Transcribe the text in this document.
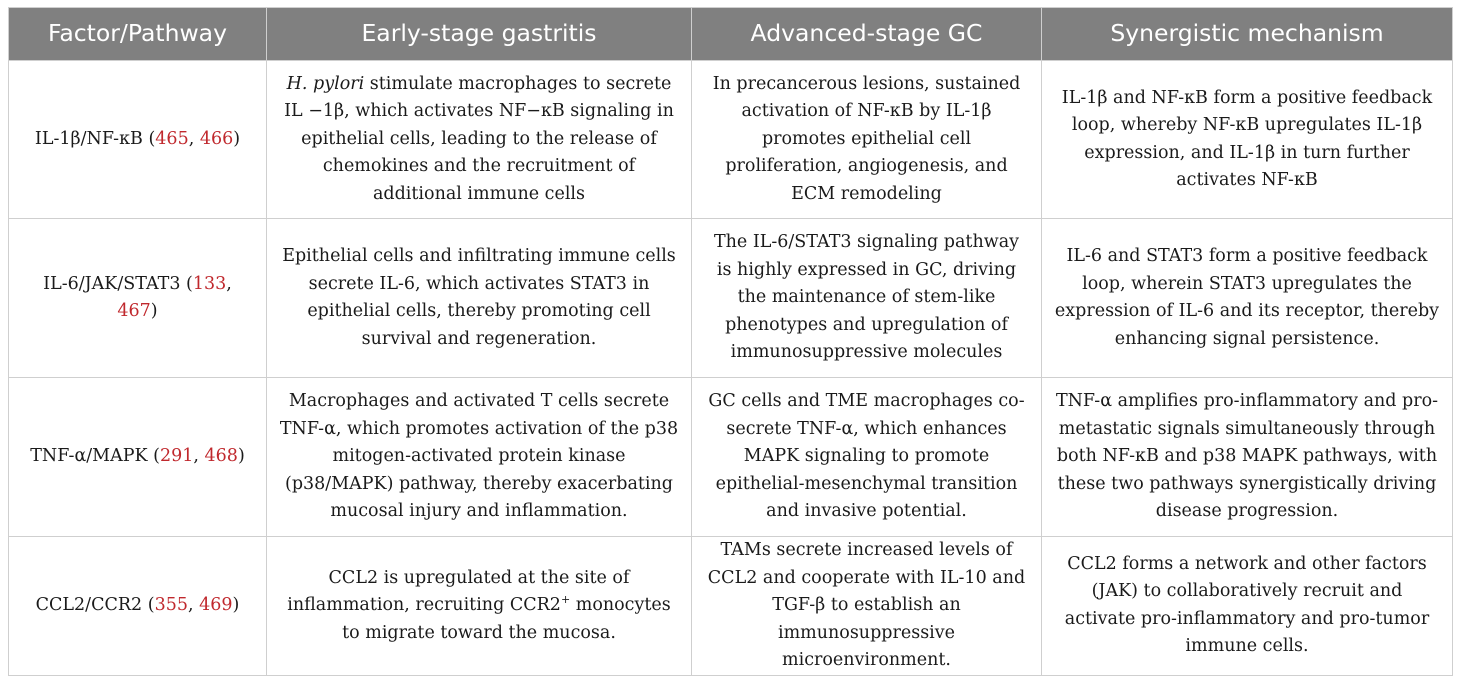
Factor/Pathway	Early-stage gastritis	Advanced-stage GC	Synergistic mechanism
IL-1β/NF-κB (465, 466)	H. pylori stimulate macrophages to secrete IL −1β, which activates NF−κB signaling in epithelial cells, leading to the release of chemokines and the recruitment of additional immune cells	In precancerous lesions, sustained activation of NF-κB by IL-1β promotes epithelial cell proliferation, angiogenesis, and ECM remodeling	IL-1β and NF-κB form a positive feedback loop, whereby NF-κB upregulates IL-1β expression, and IL-1β in turn further activates NF-κB
IL-6/JAK/STAT3 (133, 467)	Epithelial cells and infiltrating immune cells secrete IL-6, which activates STAT3 in epithelial cells, thereby promoting cell survival and regeneration.	The IL-6/STAT3 signaling pathway is highly expressed in GC, driving the maintenance of stem-like phenotypes and upregulation of immunosuppressive molecules	IL-6 and STAT3 form a positive feedback loop, wherein STAT3 upregulates the expression of IL-6 and its receptor, thereby enhancing signal persistence.
TNF-α/MAPK (291, 468)	Macrophages and activated T cells secrete TNF-α, which promotes activation of the p38 mitogen-activated protein kinase (p38/MAPK) pathway, thereby exacerbating mucosal injury and inflammation.	GC cells and TME macrophages co-secrete TNF-α, which enhances MAPK signaling to promote epithelial-mesenchymal transition and invasive potential.	TNF-α amplifies pro-inflammatory and pro-metastatic signals simultaneously through both NF-κB and p38 MAPK pathways, with these two pathways synergistically driving disease progression.
CCL2/CCR2 (355, 469)	CCL2 is upregulated at the site of inflammation, recruiting CCR2+ monocytes to migrate toward the mucosa.	TAMs secrete increased levels of CCL2 and cooperate with IL-10 and TGF-β to establish an immunosuppressive microenvironment.	CCL2 forms a network and other factors (JAK) to collaboratively recruit and activate pro-inflammatory and pro-tumor immune cells.
